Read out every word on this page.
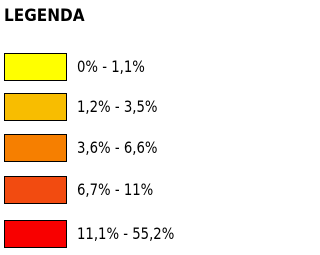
LEGENDA
0% - 1,1%
1,2% - 3,5%
3,6% - 6,6%
6,7% - 11%
11,1% - 55,2%
